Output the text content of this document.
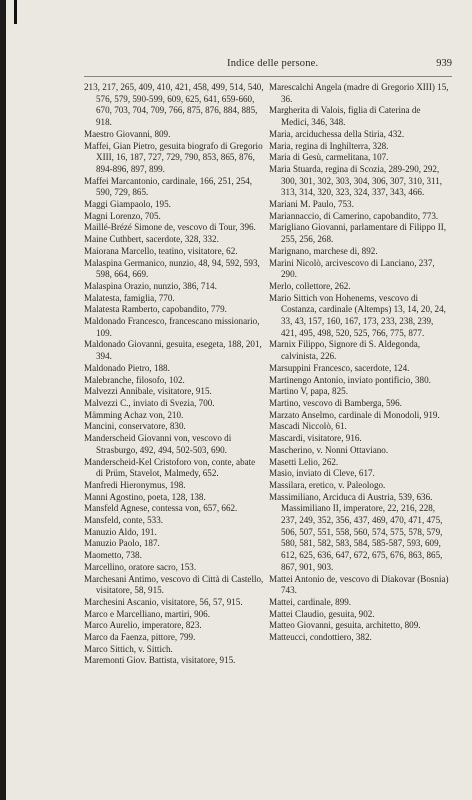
Indice delle persone.	939

213, 217, 265, 409, 410, 421, 458, 499, 514, 540, 576, 579, 590-599, 609, 625, 641, 659-660, 670, 703, 704, 709, 766, 875, 876, 884, 885, 918.

Maestro Giovanni, 809.

Maffei, Gian Pietro, gesuita biografo di Gregorio XIII, 16, 187, 727, 729, 790, 853, 865, 876, 894-896, 897, 899.

Maffei Marcantonio, cardinale, 166, 251, 254, 590, 729, 865.

Maggi Giampaolo, 195.

Magni Lorenzo, 705.

Maillé-Brézé Simone de, vescovo di Tour, 396.

Maine Cuthbert, sacerdote, 328, 332.

Maiorana Marcello, teatino, visitatore, 62.

Malaspina Germanico, nunzio, 48, 94, 592, 593, 598, 664, 669.

Malaspina Orazio, nunzio, 386, 714.

Malatesta, famiglia, 770.

Malatesta Ramberto, capobandito, 779.

Maldonado Francesco, francescano missionario, 109.

Maldonado Giovanni, gesuita, esegeta, 188, 201, 394.

Maldonado Pietro, 188.

Malebranche, filosofo, 102.

Malvezzi Annibale, visitatore, 915.

Malvezzi C., inviato di Svezia, 700.

Mämming Achaz von, 210.

Mancini, conservatore, 830.

Manderscheid Giovanni von, vescovo di Strasburgo, 492, 494, 502-503, 690.

Manderscheid-Kel Cristoforo von, conte, abate di Prüm, Stavelot, Malmedy, 652.

Manfredi Hieronymus, 198.

Manni Agostino, poeta, 128, 138.

Mansfeld Agnese, contessa von, 657, 662.

Mansfeld, conte, 533.

Manuzio Aldo, 191.

Manuzio Paolo, 187.

Maometto, 738.

Marcellino, oratore sacro, 153.

Marchesani Antimo, vescovo di Città di Castello, visitatore, 58, 915.

Marchesini Ascanio, visitatore, 56, 57, 915.

Marco e Marcelliano, martiri, 906.

Marco Aurelio, imperatore, 823.

Marco da Faenza, pittore, 799.

Marco Sittich, v. Sittich.

Maremonti Giov. Battista, visitatore, 915.

Marescalchi Angela (madre di Gregorio XIII) 15, 36.

Margherita di Valois, figlia di Caterina de Medici, 346, 348.

Maria, arciduchessa della Stiria, 432.

Maria, regina di Inghilterra, 328.

Maria di Gesù, carmelitana, 107.

Maria Stuarda, regina di Scozia, 289-290, 292, 300, 301, 302, 303, 304, 306, 307, 310, 311, 313, 314, 320, 323, 324, 337, 343, 466.

Mariani M. Paulo, 753.

Mariannaccio, di Camerino, capobandito, 773.

Marigliano Giovanni, parlamentare di Filippo II, 255, 256, 268.

Marignano, marchese di, 892.

Marini Nicolò, arcivescovo di Lanciano, 237, 290.

Merlo, collettore, 262.

Mario Sittich von Hohenems, vescovo di Costanza, cardinale (Altemps) 13, 14, 20, 24, 33, 43, 157, 160, 167, 173, 233, 238, 239, 421, 495, 498, 520, 525, 766, 775, 877.

Marnix Filippo, Signore di S. Aldegonda, calvinista, 226.

Marsuppini Francesco, sacerdote, 124.

Martinengo Antonio, inviato pontificio, 380.

Martino V, papa, 825.

Martino, vescovo di Bamberga, 596.

Marzato Anselmo, cardinale di Monodoli, 919.

Mascadi Niccolò, 61.

Mascardi, visitatore, 916.

Mascherino, v. Nonni Ottaviano.

Masetti Lelio, 262.

Masio, inviato di Cleve, 617.

Massilara, eretico, v. Paleologo.

Massimiliano, Arciduca di Austria, 539, 636.

Massimiliano II, imperatore, 22, 216, 228, 237, 249, 352, 356, 437, 469, 470, 471, 475, 506, 507, 551, 558, 560, 574, 575, 578, 579, 580, 581, 582, 583, 584, 585-587, 593, 609, 612, 625, 636, 647, 672, 675, 676, 863, 865, 867, 901, 903.

Mattei Antonio de, vescovo di Diakovar (Bosnia) 743.

Mattei, cardinale, 899.

Mattei Claudio, gesuita, 902.

Matteo Giovanni, gesuita, architetto, 809.

Matteucci, condottiero, 382.
